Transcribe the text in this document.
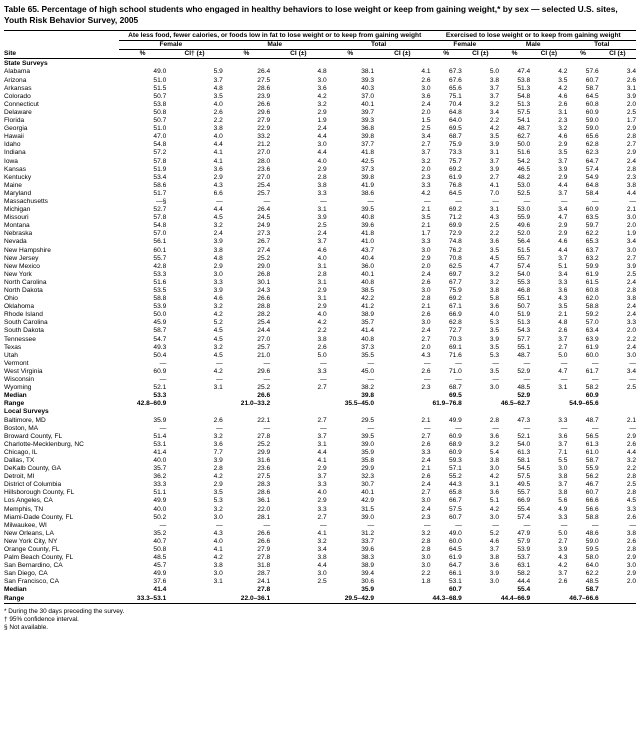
Table 65. Percentage of high school students who engaged in healthy behaviors to lose weight or keep from gaining weight,* by sex — selected U.S. sites, Youth Risk Behavior Survey, 2005

	Ate less food, fewer calories, or foods low in fat to lose weight or to keep from gaining weight						Exercised to lose weight or to keep from gaining weight					
	Female		Male		Total		Female		Male		Total	
Site	%	CI† (±)	%	CI (±)	%	CI (±)	%	CI (±)	%	CI (±)	%	CI (±)

State Surveys												
Alabama	49.0	5.9	26.4	4.8	38.1	4.1	67.3	5.0	47.4	4.2	57.6	3.4
Arizona	51.0	3.7	27.5	3.0	39.3	2.6	67.6	3.8	53.8	3.5	60.7	2.6
Arkansas	51.5	4.8	28.6	3.6	40.3	3.0	65.6	3.7	51.3	4.2	58.7	3.1
Colorado	50.7	3.5	23.9	4.2	37.0	3.6	75.1	3.7	54.8	4.6	64.5	3.9
Connecticut	53.8	4.0	26.6	3.2	40.1	2.4	70.4	3.2	51.3	2.6	60.8	2.0
Delaware	50.8	2.6	29.6	2.9	39.7	2.0	64.8	3.4	57.5	3.1	60.9	2.5
Florida	50.7	2.2	27.9	1.9	39.3	1.5	64.0	2.2	54.1	2.3	59.0	1.7
Georgia	51.0	3.8	22.9	2.4	36.8	2.5	69.5	4.2	48.7	3.2	59.0	2.9
Hawaii	47.0	4.0	33.2	4.4	39.8	3.4	68.7	3.5	62.7	4.6	65.6	2.8
Idaho	54.8	4.4	21.2	3.0	37.7	2.7	75.9	3.9	50.0	2.9	62.8	2.7
Indiana	57.2	4.1	27.0	4.4	41.8	3.7	73.3	3.1	51.6	3.5	62.3	2.9
Iowa	57.8	4.1	28.0	4.0	42.5	3.2	75.7	3.7	54.2	3.7	64.7	2.4
Kansas	51.9	3.6	23.6	2.9	37.3	2.0	69.2	3.9	46.5	3.9	57.4	2.8
Kentucky	53.4	2.9	27.0	2.8	39.8	2.3	61.9	2.7	48.2	2.9	54.9	2.3
Maine	58.6	4.3	25.4	3.8	41.9	3.3	76.8	4.1	53.0	4.4	64.8	3.8
Maryland	51.7	6.6	25.7	3.3	38.6	4.2	64.5	7.0	52.5	3.7	58.4	4.4
Massachusetts	—§	—	—	—	—	—	—	—	—	—	—	—
Michigan	52.7	4.4	26.4	3.1	39.5	2.1	69.2	3.1	53.0	3.4	60.9	2.1
Missouri	57.8	4.5	24.5	3.9	40.8	3.5	71.2	4.3	55.9	4.7	63.5	3.0
Montana	54.8	3.2	24.9	2.5	39.6	2.1	69.9	2.5	49.6	2.9	59.7	2.0
Nebraska	57.0	2.4	27.3	2.4	41.8	1.7	72.9	2.2	52.0	2.9	62.2	1.9
Nevada	56.1	3.9	26.7	3.7	41.0	3.3	74.8	3.6	56.4	4.6	65.3	3.4
New Hampshire	60.1	3.8	27.4	4.6	43.7	3.0	76.2	3.5	51.5	4.4	63.7	3.0
New Jersey	55.7	4.8	25.2	4.0	40.4	2.9	70.8	4.5	55.7	3.7	63.2	2.7
New Mexico	42.8	2.9	29.0	3.1	36.0	2.0	62.5	4.7	57.4	5.1	59.9	3.9
New York	53.3	3.0	26.8	2.8	40.1	2.4	69.7	3.2	54.0	3.4	61.9	2.5
North Carolina	51.6	3.3	30.1	3.1	40.8	2.6	67.7	3.2	55.3	3.3	61.5	2.4
North Dakota	53.5	3.9	24.3	2.9	38.5	3.0	75.9	3.8	46.8	3.6	60.8	2.8
Ohio	58.8	4.6	26.6	3.1	42.2	2.8	69.2	5.8	55.1	4.3	62.0	3.8
Oklahoma	53.9	3.2	28.8	2.9	41.2	2.1	67.1	3.6	50.7	3.5	58.8	2.4
Rhode Island	50.0	4.2	28.2	4.0	38.9	2.6	66.9	4.0	51.9	2.1	59.2	2.4
South Carolina	45.9	5.2	25.4	4.2	35.7	3.0	62.8	5.3	51.3	4.8	57.0	3.3
South Dakota	58.7	4.5	24.4	2.2	41.4	2.4	72.7	3.5	54.3	2.6	63.4	2.0
Tennessee	54.7	4.5	27.0	3.8	40.8	2.7	70.3	3.9	57.7	3.7	63.9	2.2
Texas	49.3	3.2	25.7	2.6	37.3	2.0	69.1	3.5	55.1	2.7	61.9	2.4
Utah	50.4	4.5	21.0	5.0	35.5	4.3	71.6	5.3	48.7	5.0	60.0	3.0
Vermont	—	—	—	—	—	—	—	—	—	—	—	—
West Virginia	60.9	4.2	29.6	3.3	45.0	2.6	71.0	3.5	52.9	4.7	61.7	3.4
Wisconsin	—	—	—	—	—	—	—	—	—	—	—	—
Wyoming	52.1	3.1	25.2	2.7	38.2	2.3	68.7	3.0	48.5	3.1	58.2	2.5
Median	53.3		26.6		39.8		69.5		52.9		60.9	
Range	42.8–60.9		21.0–33.2		35.5–45.0		61.9–76.8		46.5–62.7		54.9–65.6	
Local Surveys												
Baltimore, MD	35.9	2.6	22.1	2.7	29.5	2.1	49.9	2.8	47.3	3.3	48.7	2.1
Boston, MA	—	—	—	—	—	—	—	—	—	—	—	—
Broward County, FL	51.4	3.2	27.8	3.7	39.5	2.7	60.9	3.6	52.1	3.6	56.5	2.9
Charlotte-Mecklenburg, NC	53.1	3.6	25.2	3.1	39.0	2.6	68.9	3.2	54.0	3.7	61.3	2.6
Chicago, IL	41.4	7.7	29.9	4.4	35.9	3.3	60.9	5.4	61.3	7.1	61.0	4.4
Dallas, TX	40.0	3.9	31.6	4.1	35.8	2.4	59.3	3.8	58.1	5.5	58.7	3.2
DeKalb County, GA	35.7	2.8	23.6	2.9	29.9	2.1	57.1	3.0	54.5	3.0	55.9	2.2
Detroit, MI	36.2	4.2	27.5	3.7	32.3	2.6	55.2	4.2	57.5	3.8	56.2	2.8
District of Columbia	33.3	2.9	28.3	3.3	30.7	2.4	44.3	3.1	49.5	3.7	46.7	2.5
Hillsborough County, FL	51.1	3.5	28.6	4.0	40.1	2.7	65.8	3.6	55.7	3.8	60.7	2.8
Los Angeles, CA	49.9	5.3	36.1	2.9	42.9	3.0	66.7	5.1	66.9	5.6	66.6	4.5
Memphis, TN	40.0	3.2	22.0	3.3	31.5	2.4	57.5	4.2	55.4	4.9	56.6	3.3
Miami-Dade County, FL	50.2	3.0	28.1	2.7	39.0	2.3	60.7	3.0	57.4	3.3	58.8	2.6
Milwaukee, WI	—	—	—	—	—	—	—	—	—	—	—	—
New Orleans, LA	35.2	4.3	26.6	4.1	31.2	3.2	49.0	5.2	47.9	5.0	48.6	3.8
New York City, NY	40.7	4.0	26.6	3.2	33.7	2.8	60.0	4.6	57.9	2.7	59.0	2.6
Orange County, FL	50.8	4.1	27.9	3.4	39.6	2.8	64.5	3.7	53.9	3.9	59.5	2.8
Palm Beach County, FL	48.5	4.2	27.8	3.8	38.3	3.0	61.9	3.8	53.7	4.3	58.0	2.9
San Bernardino, CA	45.7	3.8	31.8	4.4	38.9	3.0	64.7	3.6	63.1	4.2	64.0	3.0
San Diego, CA	49.9	3.0	28.7	3.0	39.4	2.2	66.1	3.9	58.2	3.7	62.2	2.9
San Francisco, CA	37.6	3.1	24.1	2.5	30.6	1.8	53.1	3.0	44.4	2.6	48.5	2.0
Median	41.4		27.8		35.9		60.7		55.4		58.7	
Range	33.3–53.1		22.0–36.1		29.5–42.9		44.3–68.9		44.4–66.9		46.7–66.6	

* During the 30 days preceding the survey.
† 95% confidence interval.
§ Not available.
